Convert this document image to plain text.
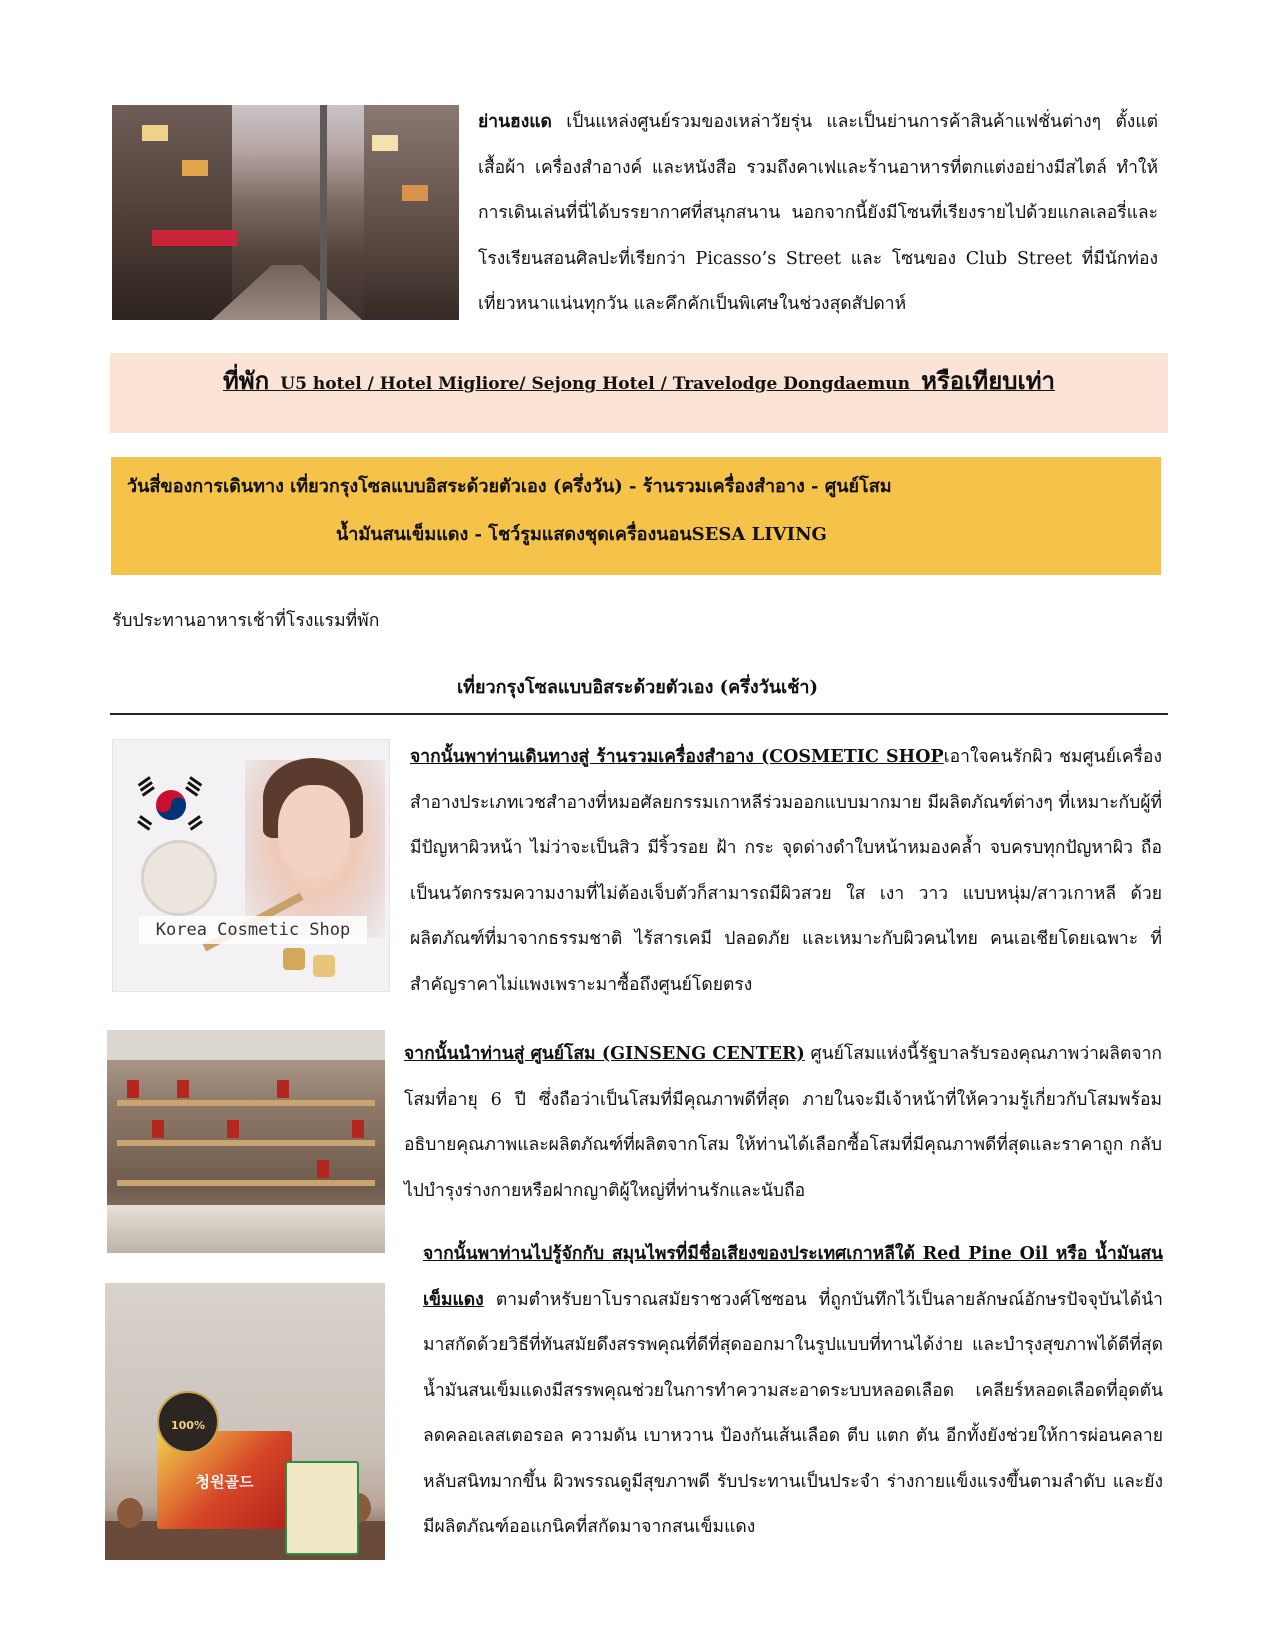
ย่านฮงแด เป็นแหล่งศูนย์รวมของเหล่าวัยรุ่น และเป็นย่านการค้าสินค้าแฟชั่นต่างๆ ตั้งแต่เสื้อผ้า เครื่องสำอางค์ และหนังสือ รวมถึงคาเฟและร้านอาหารที่ตกแต่งอย่างมีสไตล์ ทำให้การเดินเล่นที่นี่ได้บรรยากาศที่สนุกสนาน นอกจากนี้ยังมีโซนที่เรียงรายไปด้วยแกลเลอรี่และโรงเรียนสอนศิลปะที่เรียกว่า Picasso’s Street และ โซนของ Club Street ที่มีนักท่องเที่ยวหนาแน่นทุกวัน และคึกคักเป็นพิเศษในช่วงสุดสัปดาห์

ที่พัก U5 hotel / Hotel Migliore/ Sejong Hotel / Travelodge Dongdaemun หรือเทียบเท่า
วันสี่ของการเดินทาง เที่ยวกรุงโซลแบบอิสระด้วยตัวเอง (ครึ่งวัน) - ร้านรวมเครื่องสำอาง - ศูนย์โสม
น้ำมันสนเข็มแดง - โชว์รูมแสดงชุดเครื่องนอนSESA LIVING
รับประทานอาหารเช้าที่โรงแรมที่พัก
เที่ยวกรุงโซลแบบอิสระด้วยตัวเอง (ครึ่งวันเช้า)
Korea Cosmetic Shop

จากนั้นพาท่านเดินทางสู่ ร้านรวมเครื่องสำอาง (COSMETIC SHOPเอาใจคนรักผิว ชมศูนย์เครื่องสำอางประเภทเวชสำอางที่หมอศัลยกรรมเกาหลีร่วมออกแบบมากมาย มีผลิตภัณฑ์ต่างๆ ที่เหมาะกับผู้ที่มีปัญหาผิวหน้า ไม่ว่าจะเป็นสิว มีริ้วรอย ฝ้า กระ จุดด่างดำใบหน้าหมองคล้ำ จบครบทุกปัญหาผิว ถือเป็นนวัตกรรมความงามที่ไม่ต้องเจ็บตัวก็สามารถมีผิวสวย ใส เงา วาว แบบหนุ่ม/สาวเกาหลี ด้วยผลิตภัณฑ์ที่มาจากธรรมชาติ ไร้สารเคมี ปลอดภัย และเหมาะกับผิวคนไทย คนเอเชียโดยเฉพาะ ที่สำคัญราคาไม่แพงเพราะมาซื้อถึงศูนย์โดยตรง

จากนั้นนำท่านสู่ ศูนย์โสม (GINSENG CENTER) ศูนย์โสมแห่งนี้รัฐบาลรับรองคุณภาพว่าผลิตจากโสมที่อายุ 6 ปี ซึ่งถือว่าเป็นโสมที่มีคุณภาพดีที่สุด ภายในจะมีเจ้าหน้าที่ให้ความรู้เกี่ยวกับโสมพร้อมอธิบายคุณภาพและผลิตภัณฑ์ที่ผลิตจากโสม ให้ท่านได้เลือกซื้อโสมที่มีคุณภาพดีที่สุดและราคาถูก กลับไปบำรุงร่างกายหรือฝากญาติผู้ใหญ่ที่ท่านรักและนับถือ

청원골드
100%

จากนั้นพาท่านไปรู้จักกับ สมุนไพรที่มีชื่อเสียงของประเทศเกาหลีใต้ Red Pine Oil หรือ น้ำมันสนเข็มแดง ตามตำหรับยาโบราณสมัยราชวงศ์โชซอน ที่ถูกบันทึกไว้เป็นลายลักษณ์อักษรปัจจุบันได้นำมาสกัดด้วยวิธีที่ทันสมัยดึงสรรพคุณที่ดีที่สุดออกมาในรูปแบบที่ทานได้ง่าย และบำรุงสุขภาพได้ดีที่สุด น้ำมันสนเข็มแดงมีสรรพคุณช่วยในการทำความสะอาดระบบหลอดเลือด เคลียร์หลอดเลือดที่อุดตัน ลดคลอเลสเตอรอล ความดัน เบาหวาน ป้องกันเส้นเลือด ตีบ แตก ตัน อีกทั้งยังช่วยให้การผ่อนคลาย หลับสนิทมากขึ้น ผิวพรรณดูมีสุขภาพดี รับประทานเป็นประจำ ร่างกายแข็งแรงขึ้นตามลำดับ และยังมีผลิตภัณฑ์ออแกนิคที่สกัดมาจากสนเข็มแดง
